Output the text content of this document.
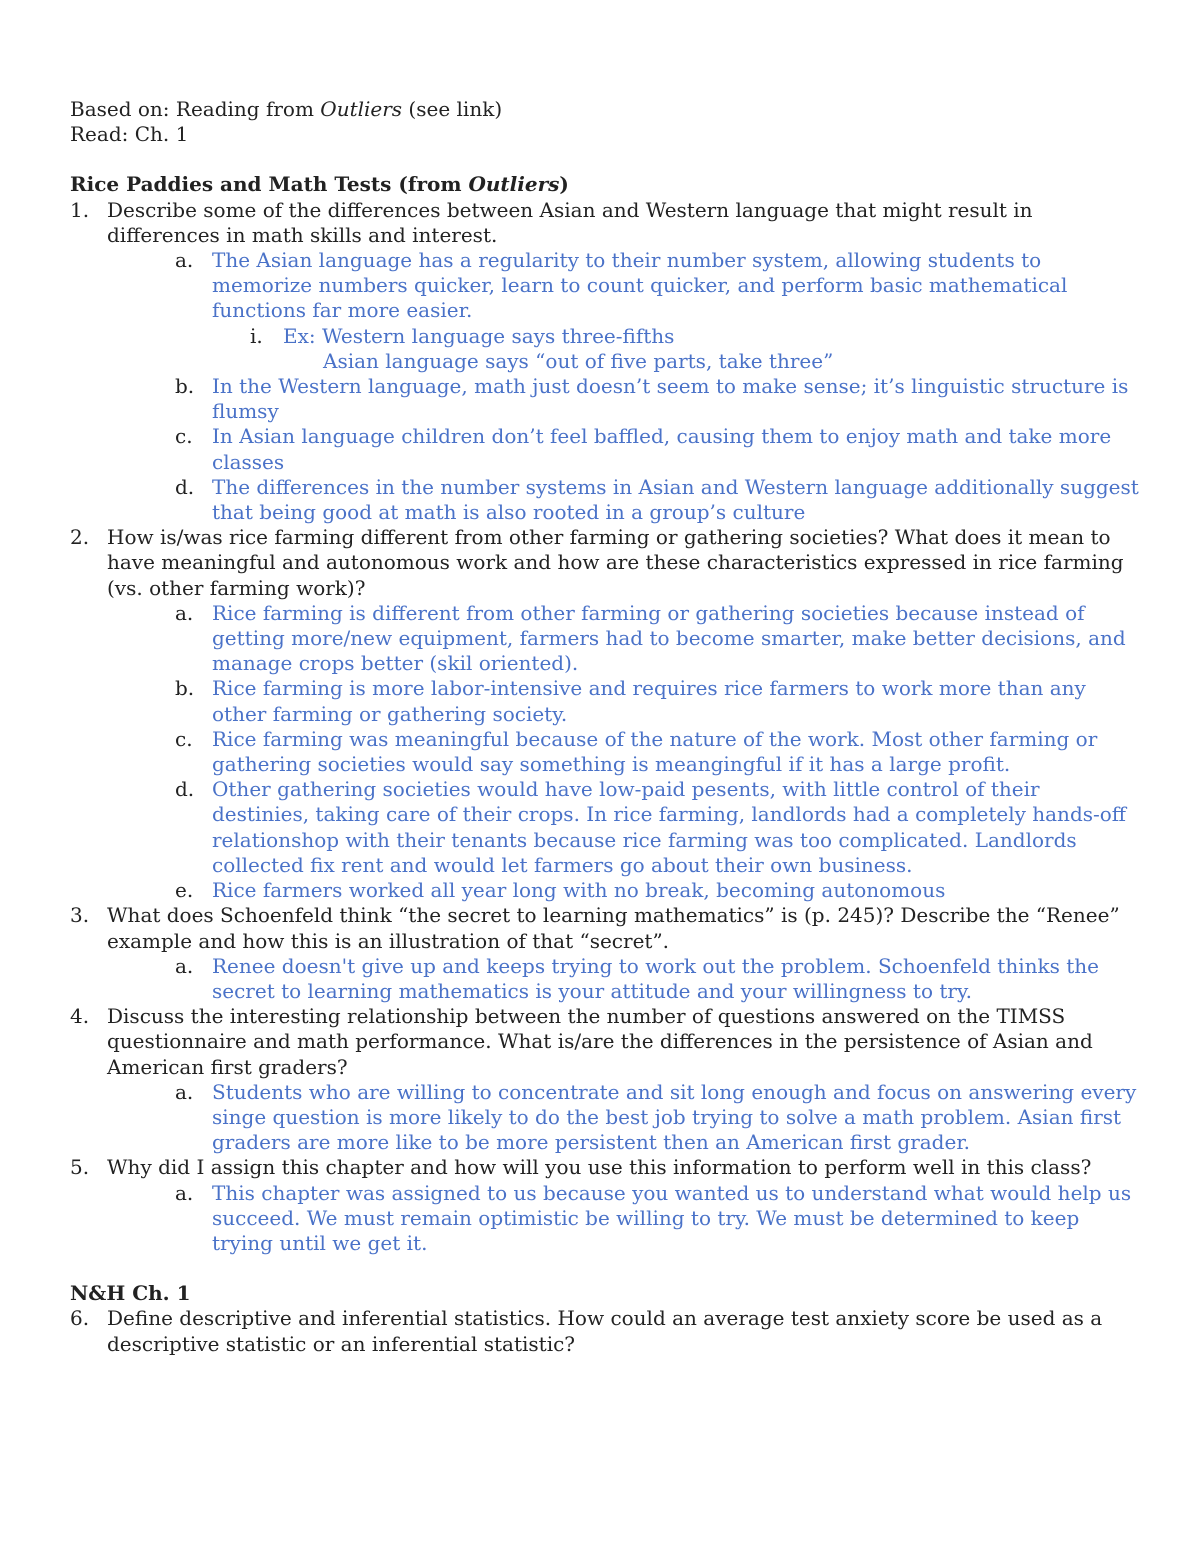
Based on: Reading from Outliers (see link)
Read: Ch. 1
Rice Paddies and Math Tests (from Outliers)
1. Describe some of the differences between Asian and Western language that might result in differences in math skills and interest.
a. The Asian language has a regularity to their number system, allowing students to memorize numbers quicker, learn to count quicker, and perform basic mathematical functions far more easier.
i. Ex: Western language says three-fifths
Asian language says “out of five parts, take three”
b. In the Western language, math just doesn’t seem to make sense; it’s linguistic structure is flumsy
c. In Asian language children don’t feel baffled, causing them to enjoy math and take more classes
d. The differences in the number systems in Asian and Western language additionally suggest that being good at math is also rooted in a group’s culture
2. How is/was rice farming different from other farming or gathering societies? What does it mean to have meaningful and autonomous work and how are these characteristics expressed in rice farming (vs. other farming work)?
a. Rice farming is different from other farming or gathering societies because instead of getting more/new equipment, farmers had to become smarter, make better decisions, and manage crops better (skil oriented).
b. Rice farming is more labor-intensive and requires rice farmers to work more than any other farming or gathering society.
c. Rice farming was meaningful because of the nature of the work. Most other farming or gathering societies would say something is meangingful if it has a large profit.
d. Other gathering societies would have low-paid pesents, with little control of their destinies, taking care of their crops. In rice farming, landlords had a completely hands-off relationshop with their tenants because rice farming was too complicated. Landlords collected fix rent and would let farmers go about their own business.
e. Rice farmers worked all year long with no break, becoming autonomous
3. What does Schoenfeld think “the secret to learning mathematics” is (p. 245)? Describe the “Renee” example and how this is an illustration of that “secret”.
a. Renee doesn't give up and keeps trying to work out the problem. Schoenfeld thinks the secret to learning mathematics is your attitude and your willingness to try.
4. Discuss the interesting relationship between the number of questions answered on the TIMSS questionnaire and math performance. What is/are the differences in the persistence of Asian and American first graders?
a. Students who are willing to concentrate and sit long enough and focus on answering every singe question is more likely to do the best job trying to solve a math problem. Asian first graders are more like to be more persistent then an American first grader.
5. Why did I assign this chapter and how will you use this information to perform well in this class?
a. This chapter was assigned to us because you wanted us to understand what would help us succeed. We must remain optimistic be willing to try. We must be determined to keep trying until we get it.
N&H Ch. 1
6. Define descriptive and inferential statistics. How could an average test anxiety score be used as a descriptive statistic or an inferential statistic?
